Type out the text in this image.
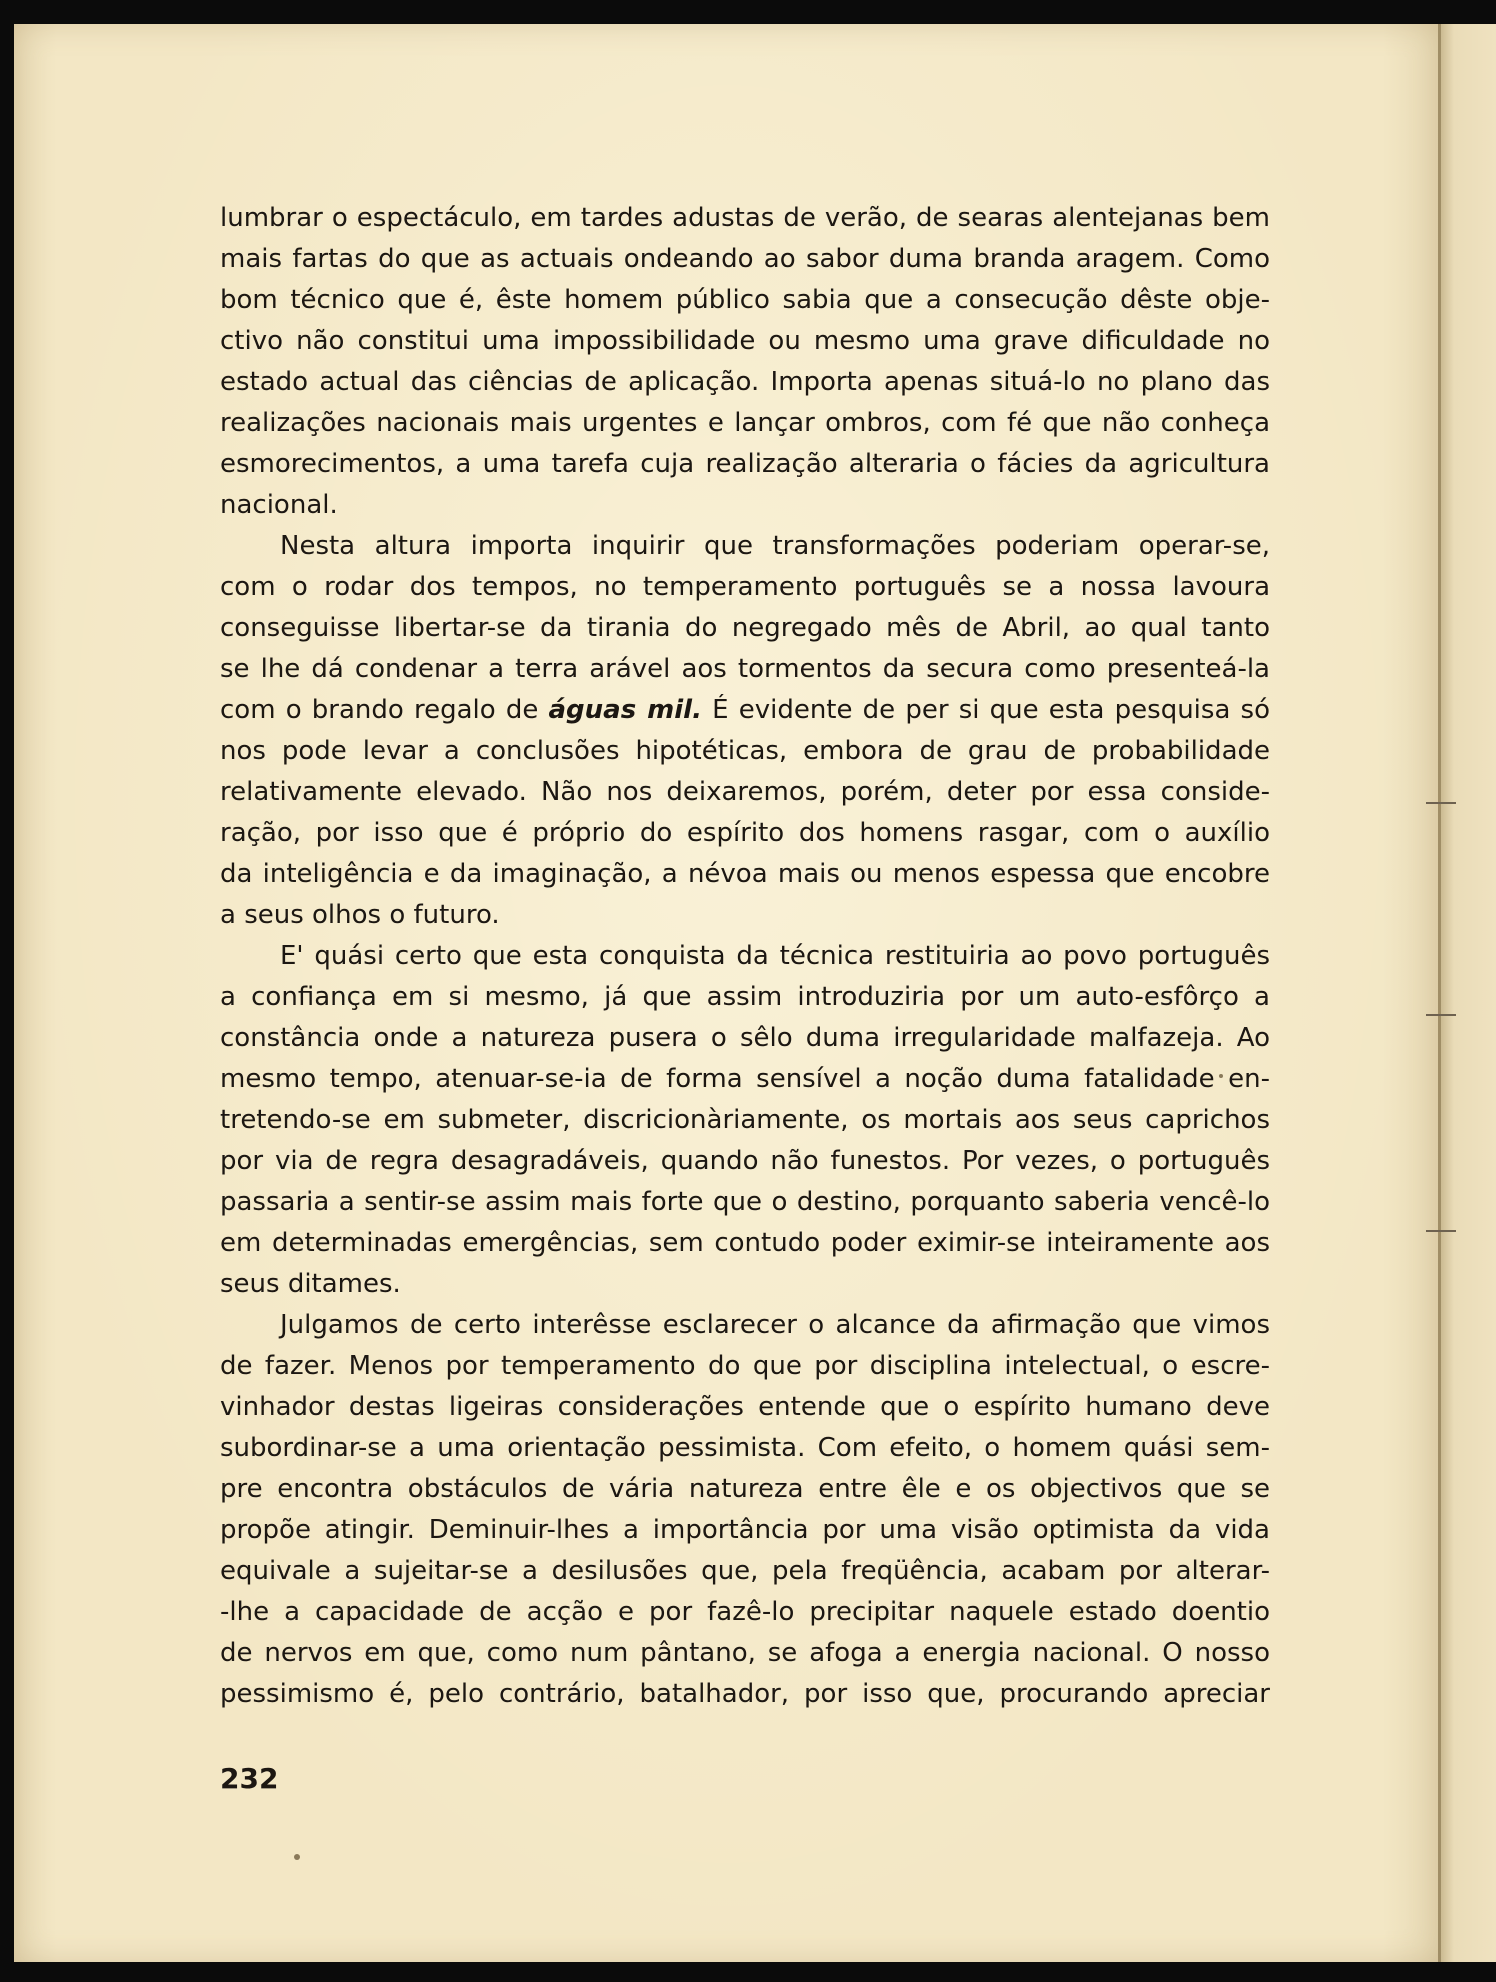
lumbrar o espectáculo, em tardes adustas de verão, de searas alentejanas bem
mais fartas do que as actuais ondeando ao sabor duma branda aragem. Como
bom técnico que é, êste homem público sabia que a consecução dêste obje-
ctivo não constitui uma impossibilidade ou mesmo uma grave dificuldade no
estado actual das ciências de aplicação. Importa apenas situá-lo no plano das
realizações nacionais mais urgentes e lançar ombros, com fé que não conheça
esmorecimentos, a uma tarefa cuja realização alteraria o fácies da agricultura
nacional.
Nesta altura importa inquirir que transformações poderiam operar-se,
com o rodar dos tempos, no temperamento português se a nossa lavoura
conseguisse libertar-se da tirania do negregado mês de Abril, ao qual tanto
se lhe dá condenar a terra arável aos tormentos da secura como presenteá-la
com o brando regalo de águas mil. É evidente de per si que esta pesquisa só
nos pode levar a conclusões hipotéticas, embora de grau de probabilidade
relativamente elevado. Não nos deixaremos, porém, deter por essa conside-
ração, por isso que é próprio do espírito dos homens rasgar, com o auxílio
da inteligência e da imaginação, a névoa mais ou menos espessa que encobre
a seus olhos o futuro.
E' quási certo que esta conquista da técnica restituiria ao povo português
a confiança em si mesmo, já que assim introduziria por um auto-esfôrço a
constância onde a natureza pusera o sêlo duma irregularidade malfazeja. Ao
mesmo tempo, atenuar-se-ia de forma sensível a noção duma fatalidade en-
tretendo-se em submeter, discricionàriamente, os mortais aos seus caprichos
por via de regra desagradáveis, quando não funestos. Por vezes, o português
passaria a sentir-se assim mais forte que o destino, porquanto saberia vencê-lo
em determinadas emergências, sem contudo poder eximir-se inteiramente aos
seus ditames.
Julgamos de certo interêsse esclarecer o alcance da afirmação que vimos
de fazer. Menos por temperamento do que por disciplina intelectual, o escre-
vinhador destas ligeiras considerações entende que o espírito humano deve
subordinar-se a uma orientação pessimista. Com efeito, o homem quási sem-
pre encontra obstáculos de vária natureza entre êle e os objectivos que se
propõe atingir. Deminuir-lhes a importância por uma visão optimista da vida
equivale a sujeitar-se a desilusões que, pela freqüência, acabam por alterar-
-lhe a capacidade de acção e por fazê-lo precipitar naquele estado doentio
de nervos em que, como num pântano, se afoga a energia nacional. O nosso
pessimismo é, pelo contrário, batalhador, por isso que, procurando apreciar
232
